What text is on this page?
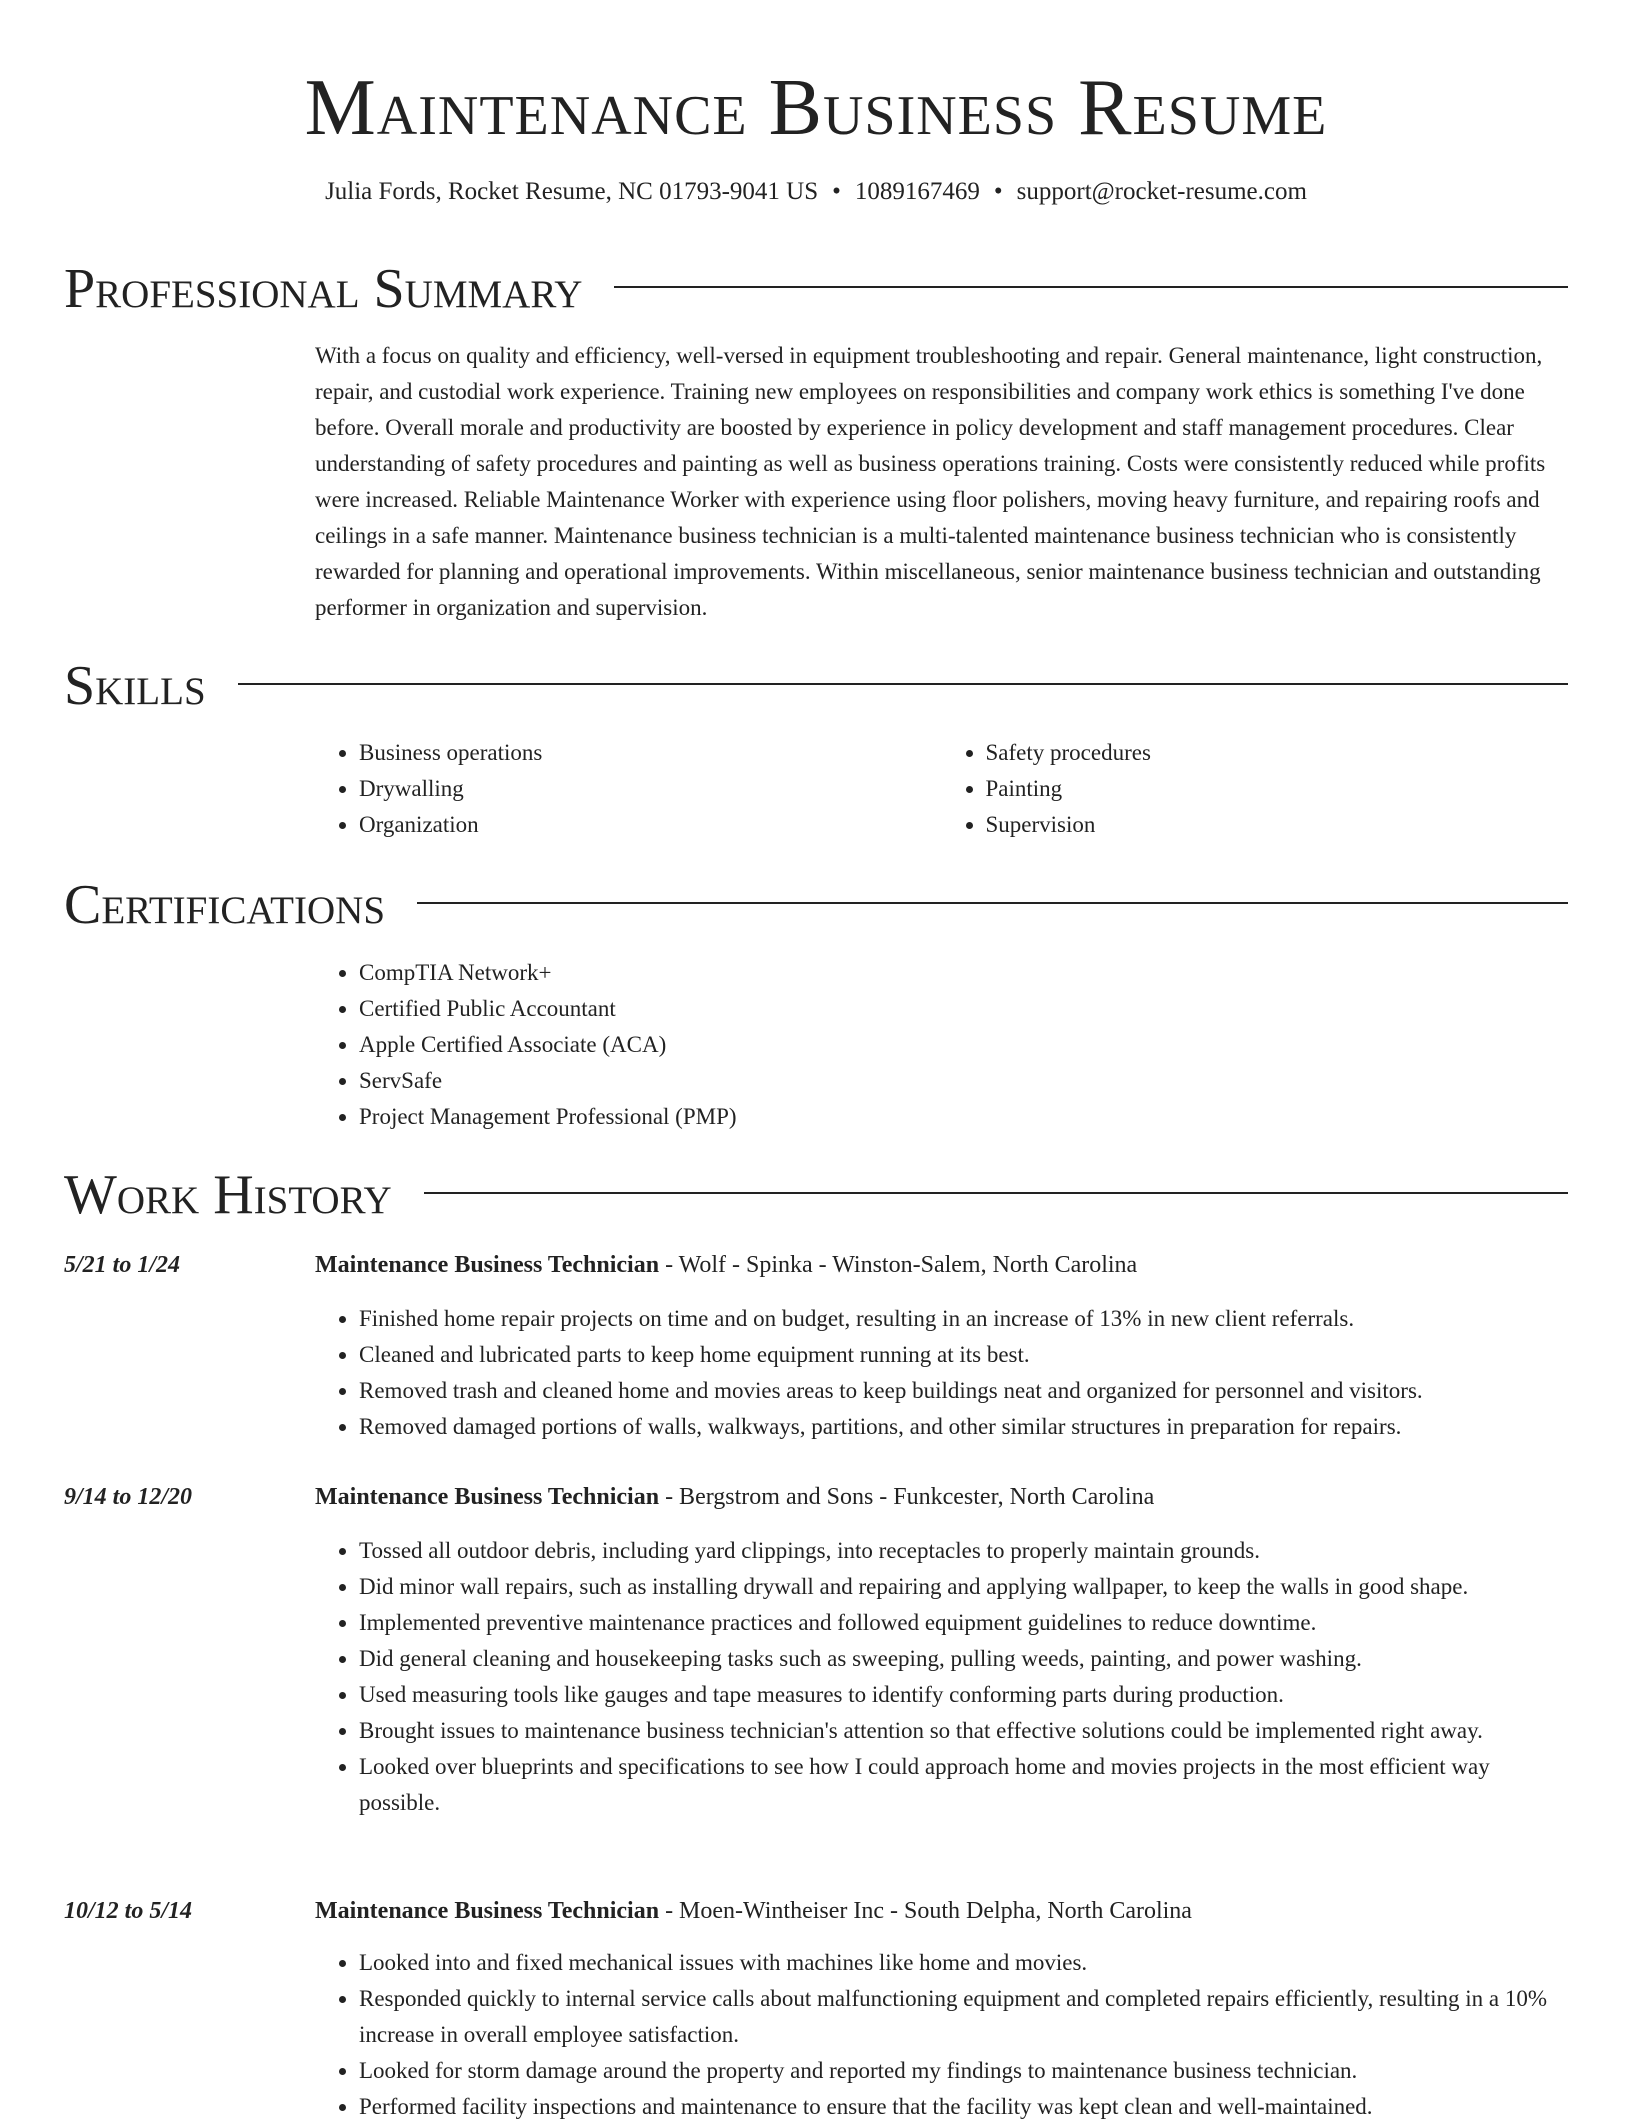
Maintenance Business Resume
Julia Fords, Rocket Resume, NC 01793-9041 US • 1089167469 • support@rocket-resume.com
Professional Summary

With a focus on quality and efficiency, well-versed in equipment troubleshooting and repair. General maintenance, light construction, repair, and custodial work experience. Training new employees on responsibilities and company work ethics is something I've done before. Overall morale and productivity are boosted by experience in policy development and staff management procedures. Clear understanding of safety procedures and painting as well as business operations training. Costs were consistently reduced while profits were increased. Reliable Maintenance Worker with experience using floor polishers, moving heavy furniture, and repairing roofs and ceilings in a safe manner. Maintenance business technician is a multi-talented maintenance business technician who is consistently rewarded for planning and operational improvements. Within miscellaneous, senior maintenance business technician and outstanding performer in organization and supervision.

Skills
• Business operations
• Drywalling
• Organization
• Safety procedures
• Painting
• Supervision
Certifications
• CompTIA Network+
• Certified Public Accountant
• Apple Certified Associate (ACA)
• ServSafe
• Project Management Professional (PMP)
Work History
5/21 to 1/24	Maintenance Business Technician - Wolf - Spinka - Winston-Salem, North Carolina
• Finished home repair projects on time and on budget, resulting in an increase of 13% in new client referrals.
• Cleaned and lubricated parts to keep home equipment running at its best.
• Removed trash and cleaned home and movies areas to keep buildings neat and organized for personnel and visitors.
• Removed damaged portions of walls, walkways, partitions, and other similar structures in preparation for repairs.
9/14 to 12/20	Maintenance Business Technician - Bergstrom and Sons - Funkcester, North Carolina
• Tossed all outdoor debris, including yard clippings, into receptacles to properly maintain grounds.
• Did minor wall repairs, such as installing drywall and repairing and applying wallpaper, to keep the walls in good shape.
• Implemented preventive maintenance practices and followed equipment guidelines to reduce downtime.
• Did general cleaning and housekeeping tasks such as sweeping, pulling weeds, painting, and power washing.
• Used measuring tools like gauges and tape measures to identify conforming parts during production.
• Brought issues to maintenance business technician's attention so that effective solutions could be implemented right away.
• Looked over blueprints and specifications to see how I could approach home and movies projects in the most efficient way possible.
10/12 to 5/14	Maintenance Business Technician - Moen-Wintheiser Inc - South Delpha, North Carolina
• Looked into and fixed mechanical issues with machines like home and movies.
• Responded quickly to internal service calls about malfunctioning equipment and completed repairs efficiently, resulting in a 10% increase in overall employee satisfaction.
• Looked for storm damage around the property and reported my findings to maintenance business technician.
• Performed facility inspections and maintenance to ensure that the facility was kept clean and well-maintained.
